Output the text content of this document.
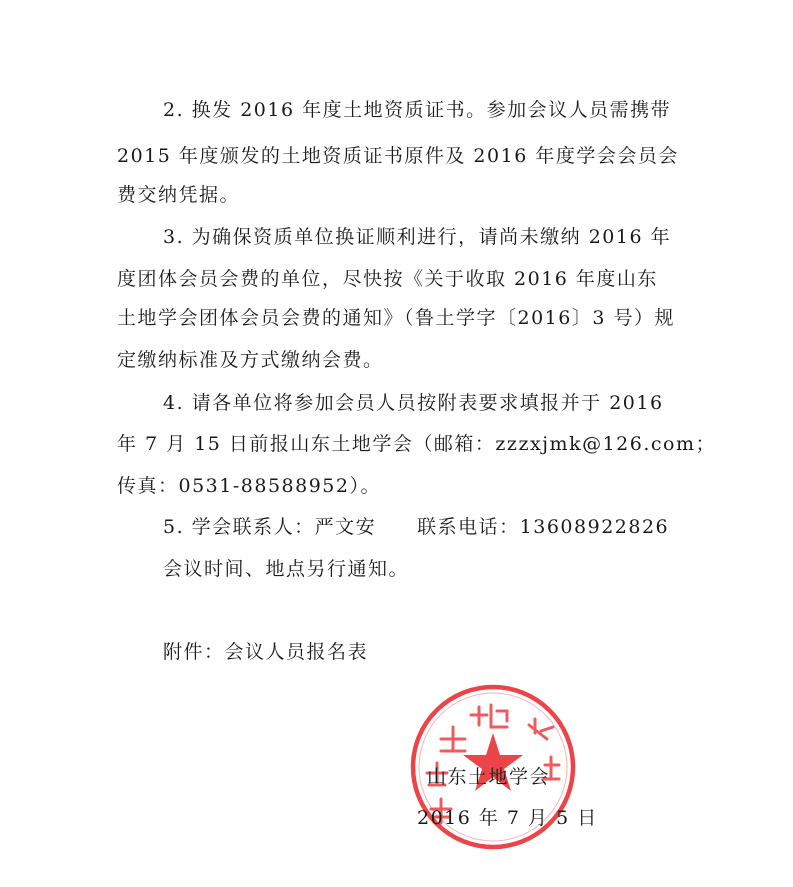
2. 换发 2016 年度土地资质证书。参加会议人员需携带
2015 年度颁发的土地资质证书原件及 2016 年度学会会员会
费交纳凭据。
3. 为确保资质单位换证顺利进行，请尚未缴纳 2016 年
度团体会员会费的单位，尽快按《关于收取 2016 年度山东
土地学会团体会员会费的通知》（鲁土学字〔2016〕3 号）规
定缴纳标准及方式缴纳会费。
4. 请各单位将参加会员人员按附表要求填报并于 2016
年 7 月 15 日前报山东土地学会（邮箱：zzzxjmk@126.com；
传真：0531-88588952）。
5. 学会联系人：严文安　　联系电话：13608922826
会议时间、地点另行通知。
附件：会议人员报名表
山东土地学会
2016 年 7 月 5 日
